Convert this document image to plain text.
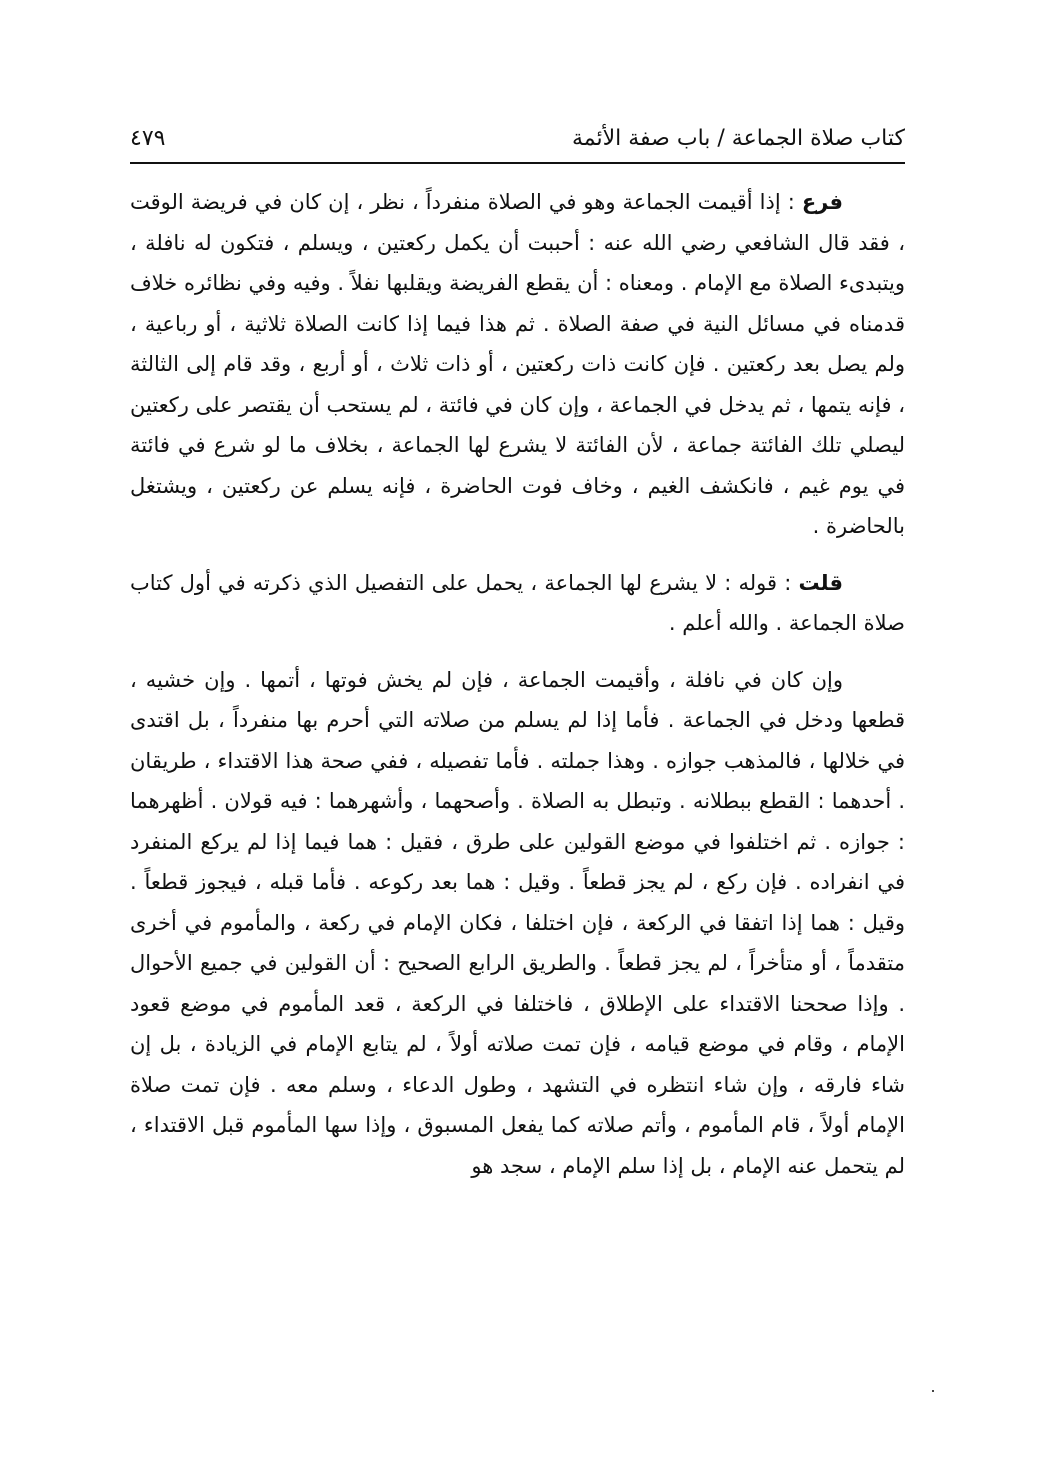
كتاب صلاة الجماعة / باب صفة الأئمة
٤٧٩

فرع : إذا أقيمت الجماعة وهو في الصلاة منفرداً ، نظر ، إن كان في فريضة الوقت ، فقد قال الشافعي رضي الله عنه : أحببت أن يكمل ركعتين ، ويسلم ، فتكون له نافلة ، ويتبدىء الصلاة مع الإمام . ومعناه : أن يقطع الفريضة ويقلبها نفلاً . وفيه وفي نظائره خلاف قدمناه في مسائل النية في صفة الصلاة . ثم هذا فيما إذا كانت الصلاة ثلاثية ، أو رباعية ، ولم يصل بعد ركعتين . فإن كانت ذات ركعتين ، أو ذات ثلاث ، أو أربع ، وقد قام إلى الثالثة ، فإنه يتمها ، ثم يدخل في الجماعة ، وإن كان في فائتة ، لم يستحب أن يقتصر على ركعتين ليصلي تلك الفائتة جماعة ، لأن الفائتة لا يشرع لها الجماعة ، بخلاف ما لو شرع في فائتة في يوم غيم ، فانكشف الغيم ، وخاف فوت الحاضرة ، فإنه يسلم عن ركعتين ، ويشتغل بالحاضرة .

قلت : قوله : لا يشرع لها الجماعة ، يحمل على التفصيل الذي ذكرته في أول كتاب صلاة الجماعة . والله أعلم .

وإن كان في نافلة ، وأقيمت الجماعة ، فإن لم يخش فوتها ، أتمها . وإن خشيه ، قطعها ودخل في الجماعة . فأما إذا لم يسلم من صلاته التي أحرم بها منفرداً ، بل اقتدى في خلالها ، فالمذهب جوازه . وهذا جملته . فأما تفصيله ، ففي صحة هذا الاقتداء ، طريقان . أحدهما : القطع ببطلانه . وتبطل به الصلاة . وأصحهما ، وأشهرهما : فيه قولان . أظهرهما : جوازه . ثم اختلفوا في موضع القولين على طرق ، فقيل : هما فيما إذا لم يركع المنفرد في انفراده . فإن ركع ، لم يجز قطعاً . وقيل : هما بعد ركوعه . فأما قبله ، فيجوز قطعاً . وقيل : هما إذا اتفقا في الركعة ، فإن اختلفا ، فكان الإمام في ركعة ، والمأموم في أخرى متقدماً ، أو متأخراً ، لم يجز قطعاً . والطريق الرابع الصحيح : أن القولين في جميع الأحوال . وإذا صححنا الاقتداء على الإطلاق ، فاختلفا في الركعة ، قعد المأموم في موضع قعود الإمام ، وقام في موضع قيامه ، فإن تمت صلاته أولاً ، لم يتابع الإمام في الزيادة ، بل إن شاء فارقه ، وإن شاء انتظره في التشهد ، وطول الدعاء ، وسلم معه . فإن تمت صلاة الإمام أولاً ، قام المأموم ، وأتم صلاته كما يفعل المسبوق ، وإذا سها المأموم قبل الاقتداء ، لم يتحمل عنه الإمام ، بل إذا سلم الإمام ، سجد هو
